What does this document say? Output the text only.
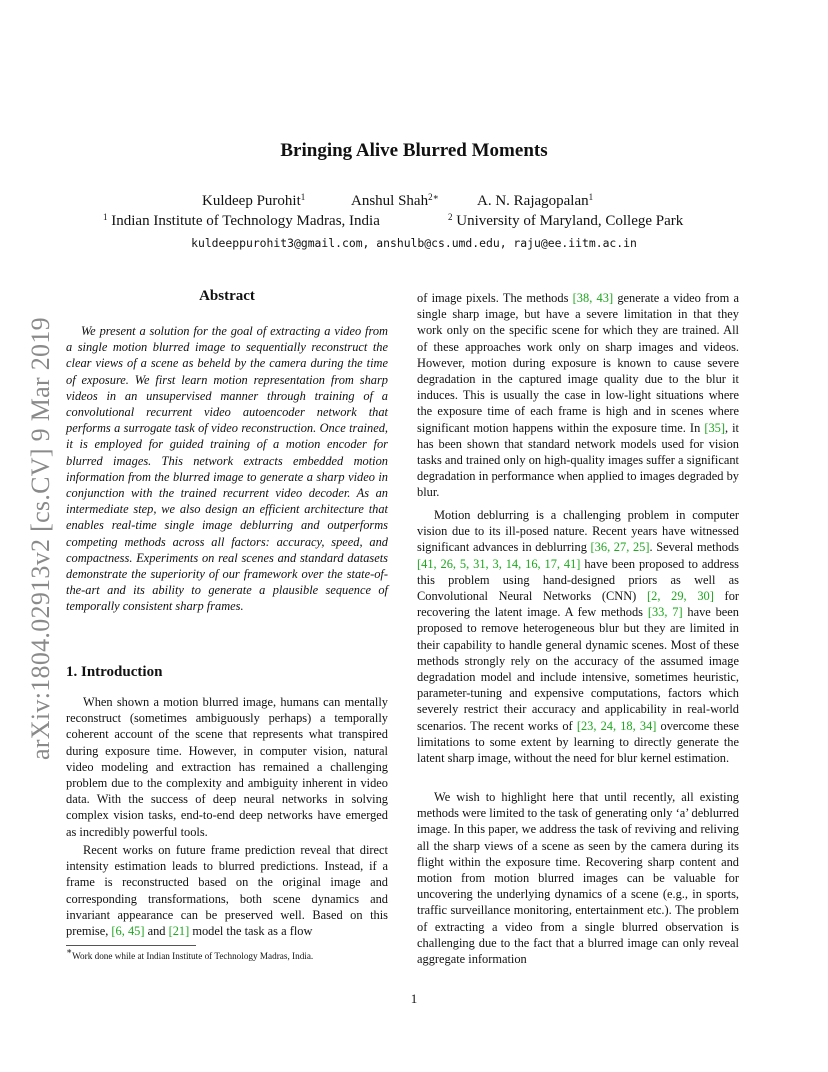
arXiv:1804.02913v2 [cs.CV] 9 Mar 2019
Bringing Alive Blurred Moments
Kuldeep Purohit$^1$	Anshul Shah$^{2∗}$	A. N. Rajagopalan$^1$
$^1$ Indian Institute of Technology Madras, India	$^2$ University of Maryland, College Park
kuldeeppurohit3@gmail.com, anshulb@cs.umd.edu, raju@ee.iitm.ac.in
Abstract
We present a solution for the goal of extracting a video from a single motion blurred image to sequentially reconstruct the clear views of a scene as beheld by the camera during the time of exposure. We first learn motion representation from sharp videos in an unsupervised manner through training of a convolutional recurrent video autoencoder network that performs a surrogate task of video reconstruction. Once trained, it is employed for guided training of a motion encoder for blurred images. This network extracts embedded motion information from the blurred image to generate a sharp video in conjunction with the trained recurrent video decoder. As an intermediate step, we also design an efficient architecture that enables real-time single image deblurring and outperforms competing methods across all factors: accuracy, speed, and compactness. Experiments on real scenes and standard datasets demonstrate the superiority of our framework over the state-of-the-art and its ability to generate a plausible sequence of temporally consistent sharp frames.
1. Introduction
When shown a motion blurred image, humans can mentally reconstruct (sometimes ambiguously perhaps) a temporally coherent account of the scene that represents what transpired during exposure time. However, in computer vision, natural video modeling and extraction has remained a challenging problem due to the complexity and ambiguity inherent in video data. With the success of deep neural networks in solving complex vision tasks, end-to-end deep networks have emerged as incredibly powerful tools.
Recent works on future frame prediction reveal that direct intensity estimation leads to blurred predictions. Instead, if a frame is reconstructed based on the original image and corresponding transformations, both scene dynamics and invariant appearance can be preserved well. Based on this premise, [6, 45] and [21] model the task as a flow
of image pixels. The methods [38, 43] generate a video from a single sharp image, but have a severe limitation in that they work only on the specific scene for which they are trained. All of these approaches work only on sharp images and videos. However, motion during exposure is known to cause severe degradation in the captured image quality due to the blur it induces. This is usually the case in low-light situations where the exposure time of each frame is high and in scenes where significant motion happens within the exposure time. In [35], it has been shown that standard network models used for vision tasks and trained only on high-quality images suffer a significant degradation in performance when applied to images degraded by blur.
Motion deblurring is a challenging problem in computer vision due to its ill-posed nature. Recent years have witnessed significant advances in deblurring [36, 27, 25]. Several methods [41, 26, 5, 31, 3, 14, 16, 17, 41] have been proposed to address this problem using hand-designed priors as well as Convolutional Neural Networks (CNN) [2, 29, 30] for recovering the latent image. A few methods [33, 7] have been proposed to remove heterogeneous blur but they are limited in their capability to handle general dynamic scenes. Most of these methods strongly rely on the accuracy of the assumed image degradation model and include intensive, sometimes heuristic, parameter-tuning and expensive computations, factors which severely restrict their accuracy and applicability in real-world scenarios. The recent works of [23, 24, 18, 34] overcome these limitations to some extent by learning to directly generate the latent sharp image, without the need for blur kernel estimation.
We wish to highlight here that until recently, all existing methods were limited to the task of generating only ‘a’ deblurred image. In this paper, we address the task of reviving and reliving all the sharp views of a scene as seen by the camera during its flight within the exposure time. Recovering sharp content and motion from motion blurred images can be valuable for uncovering the underlying dynamics of a scene (e.g., in sports, traffic surveillance monitoring, entertainment etc.). The problem of extracting a video from a single blurred observation is challenging due to the fact that a blurred image can only reveal aggregate information
∗Work done while at Indian Institute of Technology Madras, India.
1
